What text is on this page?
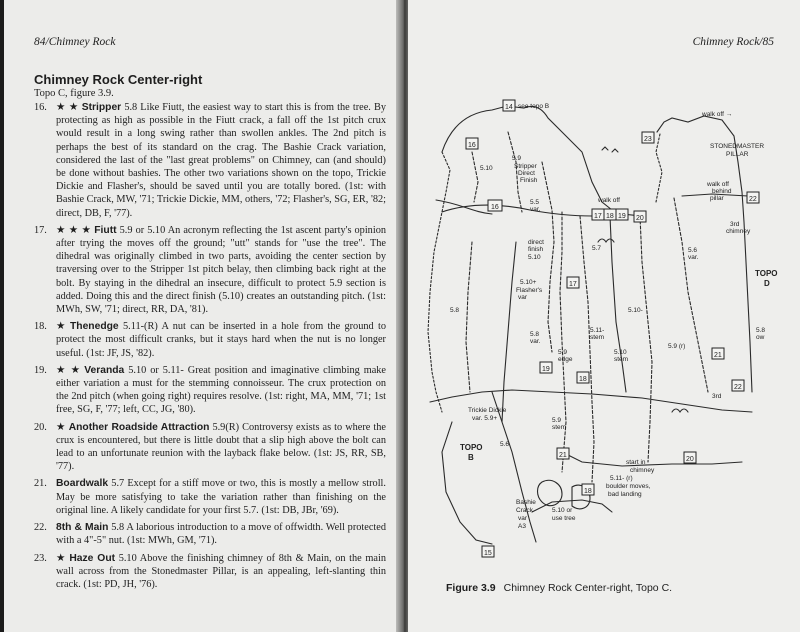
84/Chimney Rock
Chimney Rock Center-right
Topo C, figure 3.9.
16. ★ ★ Stripper 5.8 Like Fiutt, the easiest way to start this is from the tree. By protecting as high as possible in the Fiutt crack, a fall off the 1st pitch crux would result in a long swing rather than swollen ankles. The 2nd pitch is perhaps the best of its standard on the crag. The Bashie Crack variation, considered the last of the "last great problems" on Chimney, can (and should) be done without bashies. The other two variations shown on the topo, Trickie Dickie and Flasher's, should be saved until you are totally bored. (1st: with Bashie Crack, MW, '71; Trickie Dickie, MM, others, '72; Flasher's, SG, ER, '82; direct, DB, F, '77).
17. ★ ★ ★ Fiutt 5.9 or 5.10 An acronym reflecting the 1st ascent party's opinion after trying the moves off the ground; "utt" stands for "use the tree". The dihedral was originally climbed in two parts, avoiding the center section by traversing over to the Stripper 1st pitch belay, then climbing back right at the bolt. By staying in the dihedral an insecure, difficult to protect 5.9 section is added. Doing this and the direct finish (5.10) creates an outstanding pitch. (1st: MWh, SW, '71; direct, RR, DA, '81).
18. ★ Thenedge 5.11-(R) A nut can be inserted in a hole from the ground to protect the most difficult cranks, but it stays hard when the nut is no longer useful. (1st: JF, JS, '82).
19. ★ ★ Veranda 5.10 or 5.11- Great position and imaginative climbing make either variation a must for the stemming connoisseur. The crux protection on the 2nd pitch (when going right) requires resolve. (1st: right, MA, MM, '71; 1st free, SG, F, '77; left, CC, JG, '80).
20. ★ Another Roadside Attraction 5.9(R) Controversy exists as to where the crux is encountered, but there is little doubt that a slip high above the bolt can lead to an unfortunate reunion with the layback flake below. (1st: JS, RR, SB, '77).
21. Boardwalk 5.7 Except for a stiff move or two, this is mostly a mellow stroll. May be more satisfying to take the variation rather than finishing on the original line. A likely candidate for your first 5.7. (1st: DB, JBr, '69).
22. 8th & Main 5.8 A laborious introduction to a move of offwidth. Well protected with a 4"-5" nut. (1st: MWh, GM, '71).
23. ★ Haze Out 5.10 Above the finishing chimney of 8th & Main, on the main wall across from the Stonedmaster Pillar, is an appealing, left-slanting thin crack. (1st: PD, JH, '76).
Chimney Rock/85
14
16
16
17 18 19 20
17
22
18
19
21
22
20
21
18
15
23
see topo B
walk off →
STONEDMASTER
PILLAR
walk off
behind
pillar
3rd
chimney
walk off
5.9
Stripper
Direct
Finish
5.10
5.5
var.
direct
finish
5.10
5.7
5.10+
Flasher's
var
5.8
5.8
var.
5.9
edge
5.11-
stem
5.10
stem
5.10-
5.6
var.
5.9 (r)
5.8
ow
TOPO
D
3rd
Trickie Dickie
var. 5.9+	5.9
stem
TOPO
B
5.6
start in
chimney
5.11- (r)
boulder moves,
bad landing
Bashie
Crack
var
A3
5.10 or
use tree
Figure 3.9 Chimney Rock Center-right, Topo C.
